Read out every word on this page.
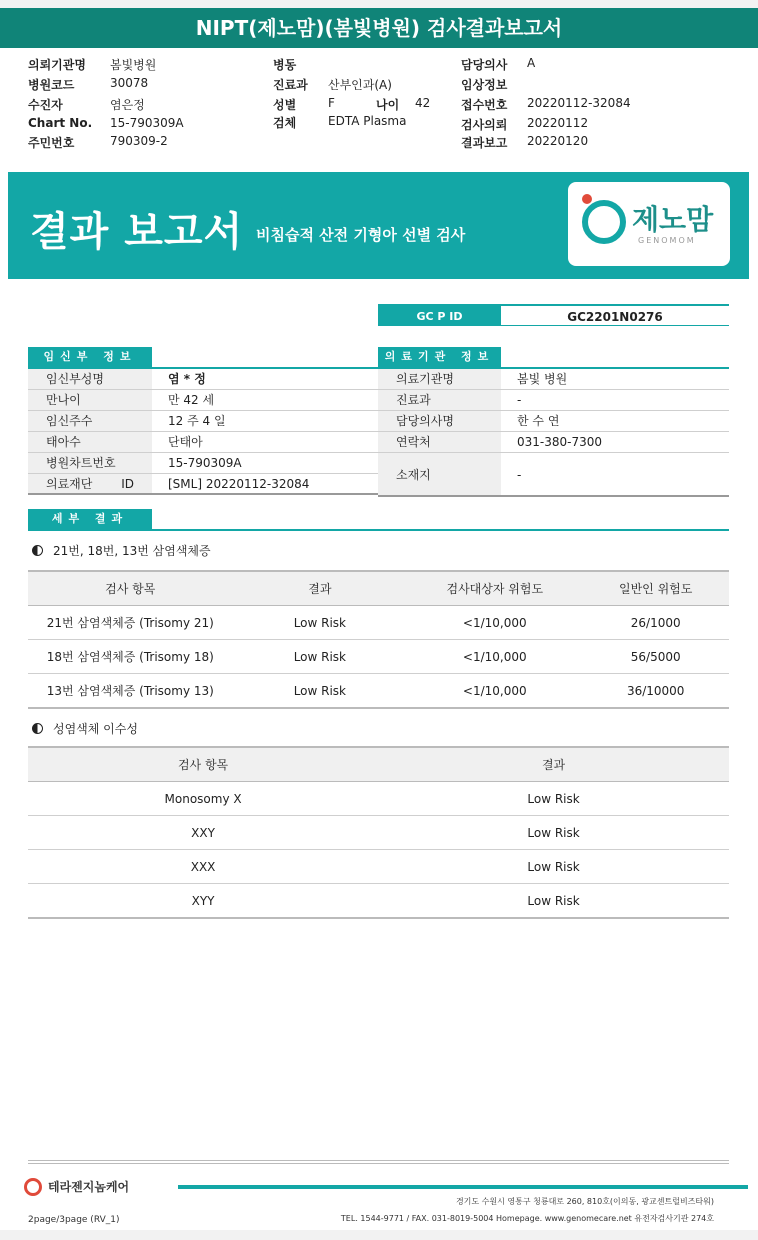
NIPT(제노맘)(봄빛병원) 검사결과보고서
의뢰기관명 봄빛병원
병원코드	30078
수진자	염은정
Chart No. 15-790309A
주민번호	790309-2
병동
진료과 산부인과(A)
성별	F	나이 42
검체	EDTA Plasma
담당의사 A
임상정보
접수번호 20220112-32084
검사의뢰 20220112
결과보고 20220120
결과 보고서 비침습적 산전 기형아 선별 검사	제노맘
GENOMOM
GC P ID	GC2201N0276
임신부 정보
임신부성명	염 * 정
만나이	만 42 세
임신주수	12 주 4 일
태아수	단태아
병원차트번호	15-790309A
의료재단 ID	[SML] 20220112-32084
의료기관 정보
의료기관명	봄빛 병원
진료과	-
담당의사명	한 수 연
연락처	031-380-7300
소재지	-
세부 결과
21번, 18번, 13번 삼염색체증
검사 항목	결과	검사대상자 위험도	일반인 위험도
21번 삼염색체증 (Trisomy 21)	Low Risk	<1/10,000	26/1000
18번 삼염색체증 (Trisomy 18)	Low Risk	<1/10,000	56/5000
13번 삼염색체증 (Trisomy 13)	Low Risk	<1/10,000	36/10000
성염색체 이수성
검사 항목	결과
Monosomy X	Low Risk
XXY	Low Risk
XXX	Low Risk
XYY	Low Risk
테라젠지놈케어
경기도 수원시 영통구 청룡대로 260, 810호(이의동, 광교센트럴비즈타워)
TEL. 1544-9771 / FAX. 031-8019-5004 Homepage. www.genomecare.net 유전자검사기관 274호
2page/3page (RV_1)
